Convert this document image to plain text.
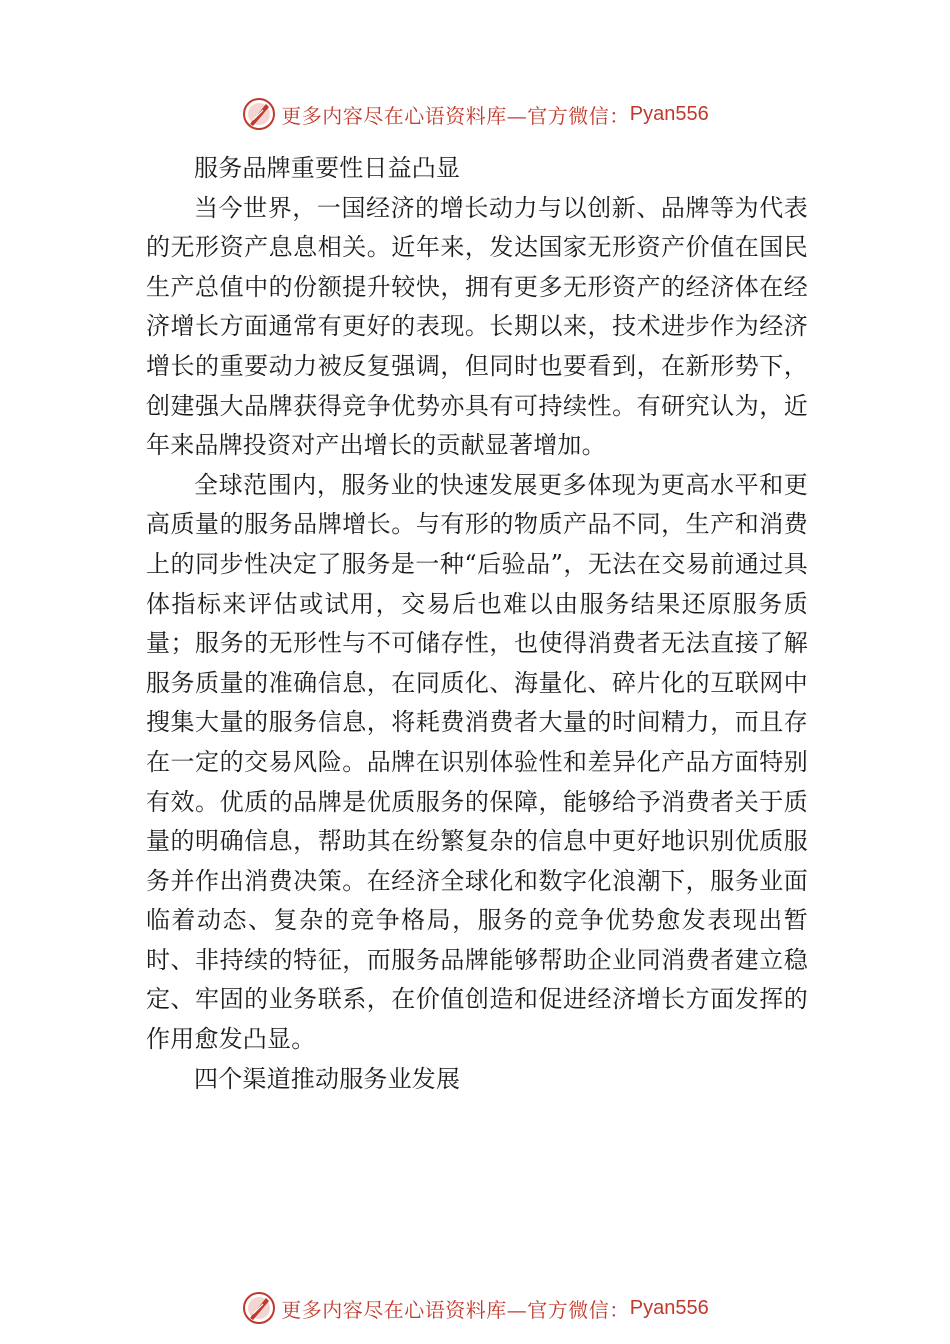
更多内容尽在心语资料库—官方微信： Pyan556

服务品牌重要性日益凸显

当今世界，一国经济的增长动力与以创新、品牌等为代表的无形资产息息相关。近年来，发达国家无形资产价值在国民生产总值中的份额提升较快，拥有更多无形资产的经济体在经济增长方面通常有更好的表现。长期以来，技术进步作为经济增长的重要动力被反复强调，但同时也要看到，在新形势下，创建强大品牌获得竞争优势亦具有可持续性。有研究认为，近年来品牌投资对产出增长的贡献显著增加。

全球范围内，服务业的快速发展更多体现为更高水平和更高质量的服务品牌增长。与有形的物质产品不同，生产和消费上的同步性决定了服务是一种“后验品”，无法在交易前通过具体指标来评估或试用，交易后也难以由服务结果还原服务质量；服务的无形性与不可储存性，也使得消费者无法直接了解服务质量的准确信息，在同质化、海量化、碎片化的互联网中搜集大量的服务信息，将耗费消费者大量的时间精力，而且存在一定的交易风险。品牌在识别体验性和差异化产品方面特别有效。优质的品牌是优质服务的保障，能够给予消费者关于质量的明确信息，帮助其在纷繁复杂的信息中更好地识别优质服务并作出消费决策。在经济全球化和数字化浪潮下，服务业面临着动态、复杂的竞争格局，服务的竞争优势愈发表现出暂时、非持续的特征，而服务品牌能够帮助企业同消费者建立稳定、牢固的业务联系，在价值创造和促进经济增长方面发挥的作用愈发凸显。

四个渠道推动服务业发展

更多内容尽在心语资料库—官方微信： Pyan556
